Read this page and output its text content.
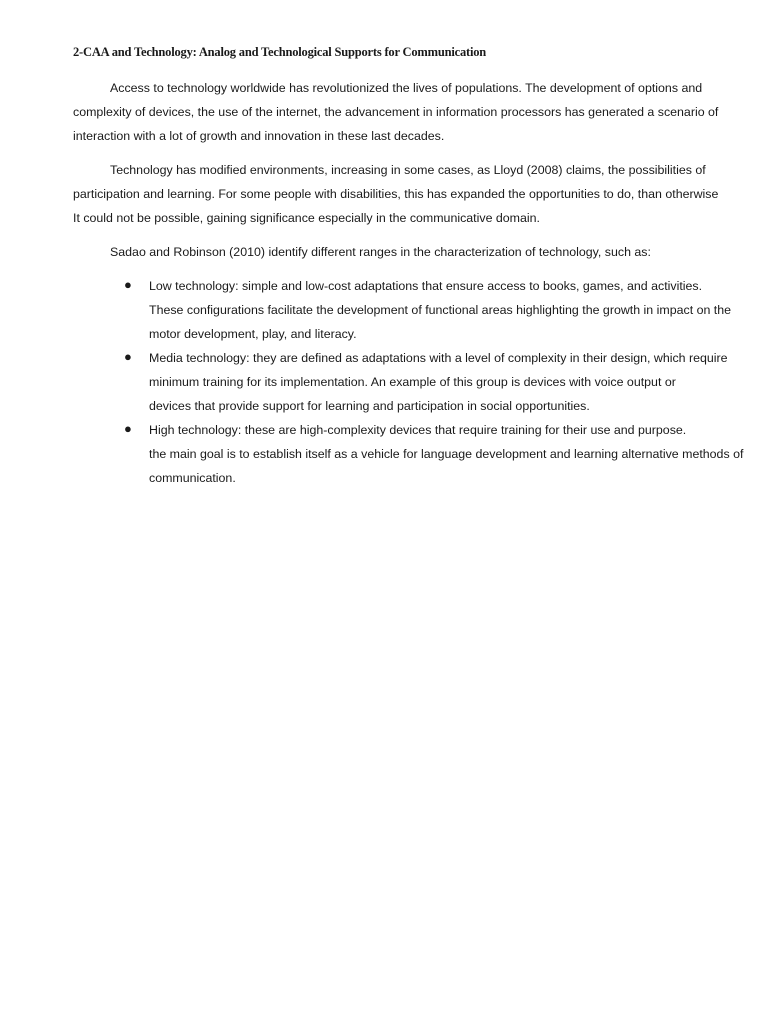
2-CAA and Technology: Analog and Technological Supports for Communication
Access to technology worldwide has revolutionized the lives of populations. The development of options and
complexity of devices, the use of the internet, the advancement in information processors has generated a scenario of
interaction with a lot of growth and innovation in these last decades.
Technology has modified environments, increasing in some cases, as Lloyd (2008) claims, the possibilities of
participation and learning. For some people with disabilities, this has expanded the opportunities to do, than otherwise
It could not be possible, gaining significance especially in the communicative domain.
Sadao and Robinson (2010) identify different ranges in the characterization of technology, such as:
● Low technology: simple and low-cost adaptations that ensure access to books, games, and activities.
These configurations facilitate the development of functional areas highlighting the growth in impact on the
motor development, play, and literacy.
● Media technology: they are defined as adaptations with a level of complexity in their design, which require
minimum training for its implementation. An example of this group is devices with voice output or
devices that provide support for learning and participation in social opportunities.
● High technology: these are high-complexity devices that require training for their use and purpose.
the main goal is to establish itself as a vehicle for language development and learning alternative methods of
communication.
